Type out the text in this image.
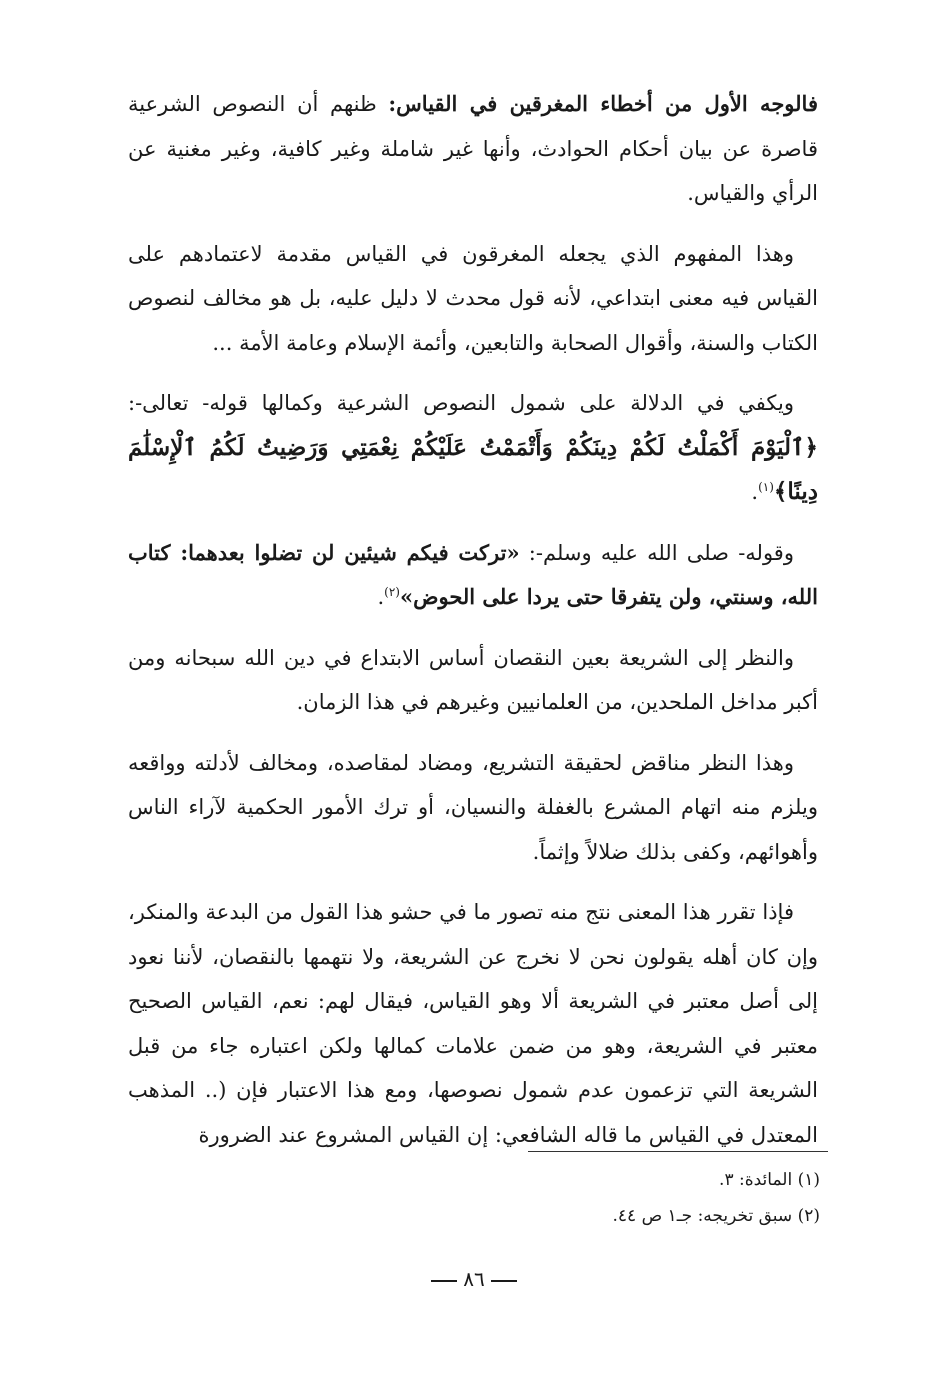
فالوجه الأول من أخطاء المغرقين في القياس: ظنهم أن النصوص الشرعية قاصرة عن بيان أحكام الحوادث، وأنها غير شاملة وغير كافية، وغير مغنية عن الرأي والقياس.

وهذا المفهوم الذي يجعله المغرقون في القياس مقدمة لاعتمادهم على القياس فيه معنى ابتداعي، لأنه قول محدث لا دليل عليه، بل هو مخالف لنصوص الكتاب والسنة، وأقوال الصحابة والتابعين، وأئمة الإسلام وعامة الأمة ...

ويكفي في الدلالة على شمول النصوص الشرعية وكمالها قوله- تعالى-: ﴿ٱلْيَوْمَ أَكْمَلْتُ لَكُمْ دِينَكُمْ وَأَتْمَمْتُ عَلَيْكُمْ نِعْمَتِي وَرَضِيتُ لَكُمُ ٱلْإِسْلَٰمَ دِينًا﴾$^{(١)}$.

وقوله- صلى الله عليه وسلم-: «تركت فيكم شيئين لن تضلوا بعدهما: كتاب الله، وسنتي، ولن يتفرقا حتى يردا على الحوض»$^{(٢)}$.

والنظر إلى الشريعة بعين النقصان أساس الابتداع في دين الله سبحانه ومن أكبر مداخل الملحدين، من العلمانيين وغيرهم في هذا الزمان.

وهذا النظر مناقض لحقيقة التشريع، ومضاد لمقاصده، ومخالف لأدلته وواقعه ويلزم منه اتهام المشرع بالغفلة والنسيان، أو ترك الأمور الحكمية لآراء الناس وأهوائهم، وكفى بذلك ضلالاً وإثماً.

فإذا تقرر هذا المعنى نتج منه تصور ما في حشو هذا القول من البدعة والمنكر، وإن كان أهله يقولون نحن لا نخرج عن الشريعة، ولا نتهمها بالنقصان، لأننا نعود إلى أصل معتبر في الشريعة ألا وهو القياس، فيقال لهم: نعم، القياس الصحيح معتبر في الشريعة، وهو من ضمن علامات كمالها ولكن اعتباره جاء من قبل الشريعة التي تزعمون عدم شمول نصوصها، ومع هذا الاعتبار فإن (.. المذهب المعتدل في القياس ما قاله الشافعي: إن القياس المشروع عند الضرورة

(١) المائدة: ٣.

(٢) سبق تخريجه: جـ١ ص ٤٤.

٨٦
